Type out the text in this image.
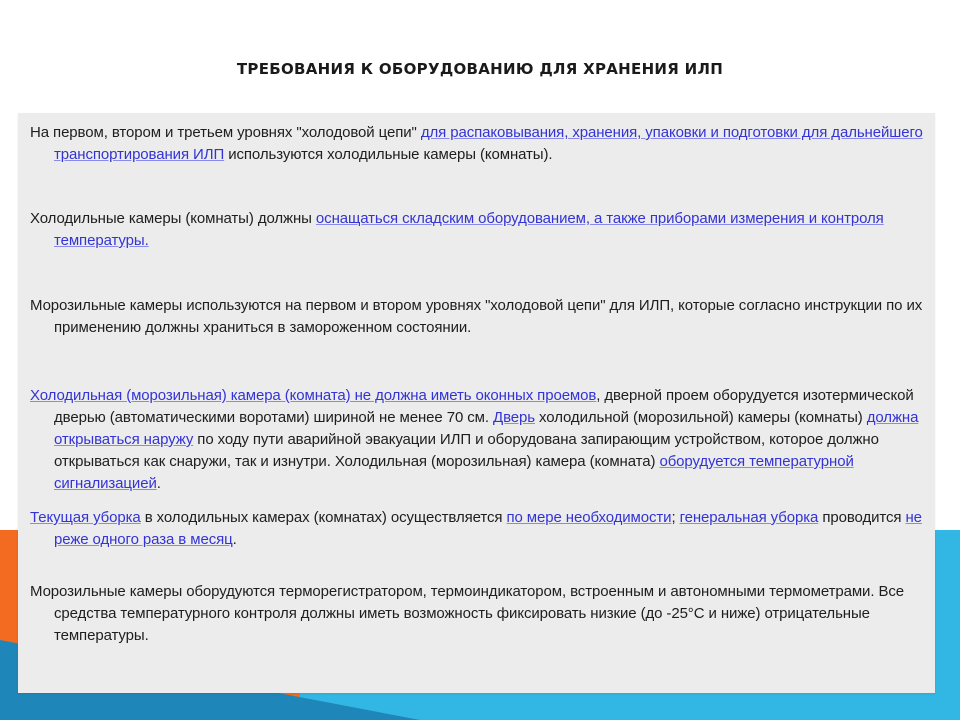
ТРЕБОВАНИЯ К ОБОРУДОВАНИЮ ДЛЯ ХРАНЕНИЯ ИЛП
На первом, втором и третьем уровнях "холодовой цепи" для распаковывания, хранения, упаковки и подготовки для дальнейшего транспортирования ИЛП используются холодильные камеры (комнаты).
Холодильные камеры (комнаты) должны оснащаться складским оборудованием, а также приборами измерения и контроля температуры.
Морозильные камеры используются на первом и втором уровнях "холодовой цепи" для ИЛП, которые согласно инструкции по их применению должны храниться в замороженном состоянии.
Холодильная (морозильная) камера (комната) не должна иметь оконных проемов, дверной проем оборудуется изотермической дверью (автоматическими воротами) шириной не менее 70 см. Дверь холодильной (морозильной) камеры (комнаты) должна открываться наружу по ходу пути аварийной эвакуации ИЛП и оборудована запирающим устройством, которое должно открываться как снаружи, так и изнутри. Холодильная (морозильная) камера (комната) оборудуется температурной сигнализацией.
Текущая уборка в холодильных камерах (комнатах) осуществляется по мере необходимости; генеральная уборка проводится не реже одного раза в месяц.
Морозильные камеры оборудуются терморегистратором, термоиндикатором, встроенным и автономными термометрами. Все средства температурного контроля должны иметь возможность фиксировать низкие (до -25°С и ниже) отрицательные температуры.
